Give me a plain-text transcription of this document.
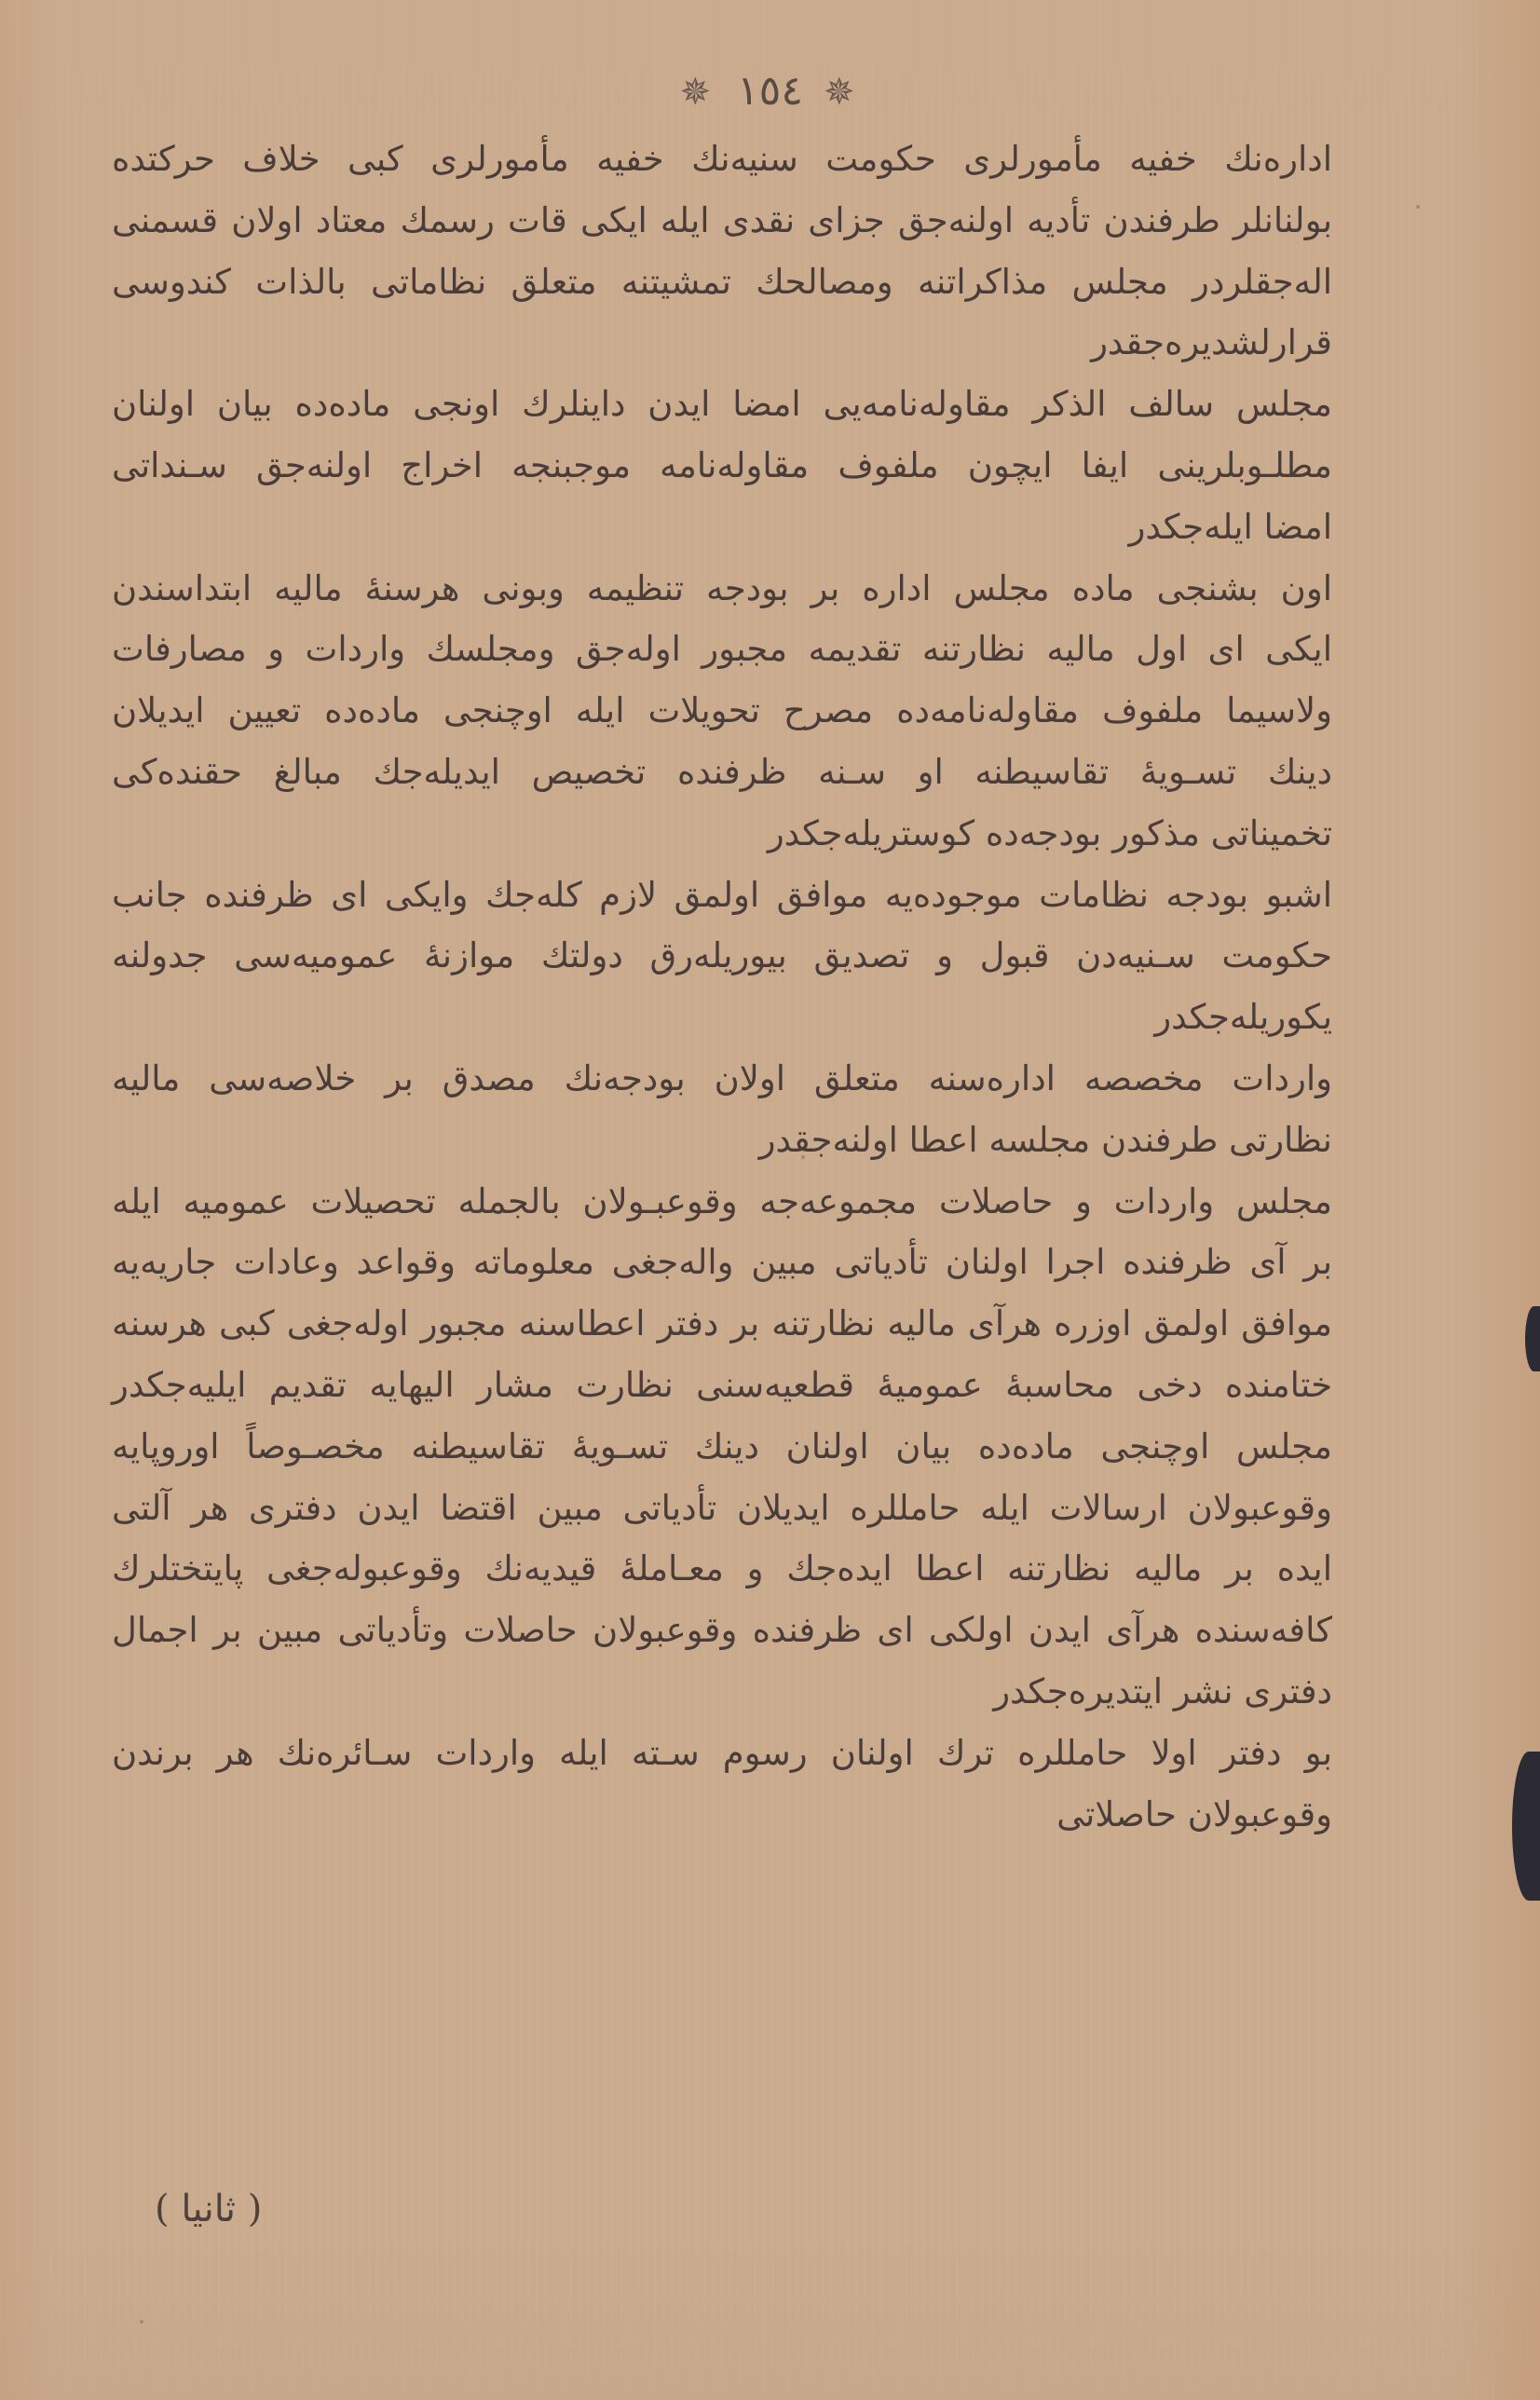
✵ ١٥٤ ✵
ادارەنك خفيه مأمورلرى حكومت سنيه‌نك خفيه مأمورلرى كبى خلاف حركتده
بولنانلر طرفندن تأديه اولنه‌جق جزاى نقدى ايله ايكى قات رسمك معتاد اولان قسمنى
اله‌جقلردر مجلس مذاكراتنه ومصالحك تمشيتنه متعلق نظاماتى بالذات كندوسى
قرارلشديره‌جقدر
مجلس سالف الذكر مقاوله‌نامه‌يى امضا ايدن داينلرك اونجى ماده‌ده بيان اولنان
مطلـوبلرينى ايفا ايچون ملفوف مقاوله‌نامه موجبنجه اخراج اولنه‌جق سـنداتى
امضا ايله‌جكدر
اون بشنجى ماده مجلس اداره بر بودجه تنظيمه وبونى هرسنهٔ ماليه ابتداسندن
ايكى اى اول ماليه نظارتنه تقديمه مجبور اوله‌جق ومجلسك واردات و مصارفات
ولاسيما ملفوف مقاوله‌نامه‌ده مصرح تحويلات ايله اوچنجى ماده‌ده تعيين ايديلان
دينك تسـويهٔ تقاسيطنه او سـنه ظرفنده تخصيص ايديله‌جك مبالغ حقنده‌كى
تخميناتى مذكور بودجه‌ده كوستريله‌جكدر
اشبو بودجه نظامات موجوده‌يه موافق اولمق لازم كله‌جك وايكى اى ظرفنده جانب
حكومت سـنيه‌دن قبول و تصديق بيوريله‌رق دولتك موازنهٔ عموميه‌سى جدولنه
يكوريله‌جكدر
واردات مخصصه اداره‌سنه متعلق اولان بودجه‌نك مصدق بر خلاصه‌سى ماليه
نظارتى طرفندن مجلسه اعطا اولنه‌جقدر
مجلس واردات و حاصلات مجموعه‌جه وقوعبـولان بالجمله تحصيلات عموميه ايله
بر آى ظرفنده اجرا اولنان تأدياتى مبين واله‌جغى معلوماته وقواعد وعادات جاريه‌يه
موافق اولمق اوزره هرآى ماليه نظارتنه بر دفتر اعطاسنه مجبور اوله‌جغى كبى هرسنه
ختامنده دخى محاسبهٔ عموميهٔ قطعيه‌سنى نظارت مشار اليهايه تقديم ايليه‌جكدر
مجلس اوچنجى ماده‌ده بيان اولنان دينك تسـويهٔ تقاسيطنه مخصـوصاً اوروپايه
وقوعبولان ارسالات ايله حامللره ايديلان تأدياتى مبين اقتضا ايدن دفترى هر آلتى
ايده بر ماليه نظارتنه اعطا ايده‌جك و معـاملهٔ قيديه‌نك وقوعبوله‌جغى پايتختلرك
كافه‌سنده هرآى ايدن اولكى اى ظرفنده وقوعبولان حاصلات وتأدياتى مبين بر اجمال
دفترى نشر ايتديره‌جكدر
بو دفتر اولا حامللره ترك اولنان رسوم سـته ايله واردات سـائره‌نك هر برندن
وقوعبولان حاصلاتى
( ثانيا )
